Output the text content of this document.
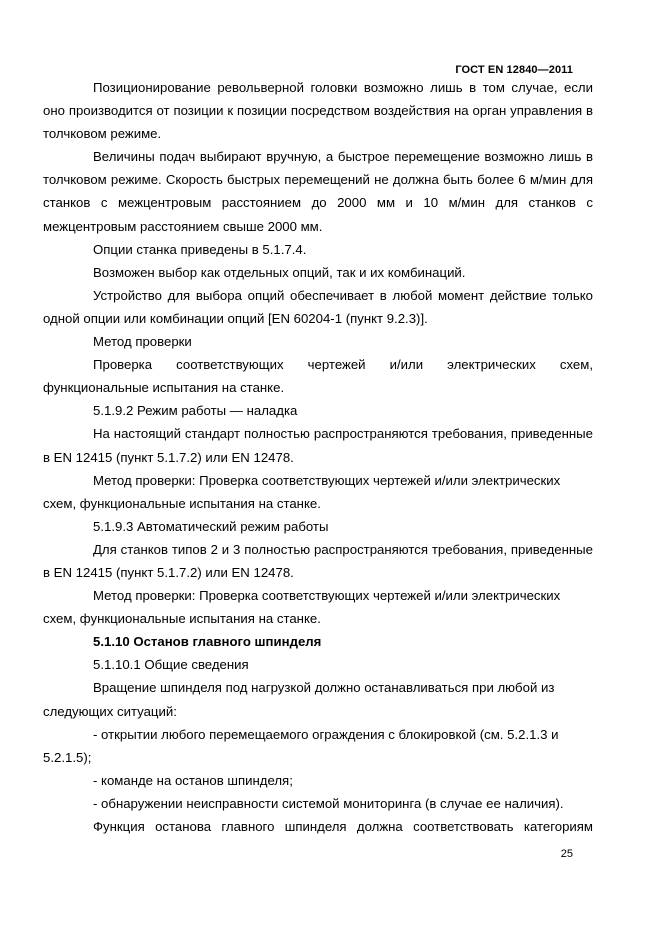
ГОСТ EN 12840—2011

Позиционирование револьверной головки возможно лишь в том случае, если оно производится от позиции к позиции посредством воздействия на орган управления в толчковом режиме.

Величины подач выбирают вручную, а быстрое перемещение возможно лишь в толчковом режиме. Скорость быстрых перемещений не должна быть более 6 м/мин для станков с межцентровым расстоянием до 2000 мм и 10 м/мин для станков с межцентровым расстоянием свыше 2000 мм.

Опции станка приведены в 5.1.7.4.

Возможен выбор как отдельных опций, так и их комбинаций.

Устройство для выбора опций обеспечивает в любой момент действие только одной опции или комбинации опций [EN 60204-1 (пункт 9.2.3)].

Метод проверки

Проверка соответствующих чертежей и/или электрических схем, функциональные испытания на станке.

5.1.9.2 Режим работы — наладка

На настоящий стандарт полностью распространяются требования, приведенные в EN 12415 (пункт 5.1.7.2) или EN 12478.

Метод проверки: Проверка соответствующих чертежей и/или электрических

схем, функциональные испытания на станке.

5.1.9.3 Автоматический режим работы

Для станков типов 2 и 3 полностью распространяются требования, приведенные в EN 12415 (пункт 5.1.7.2) или EN 12478.

Метод проверки: Проверка соответствующих чертежей и/или электрических

схем, функциональные испытания на станке.

5.1.10 Останов главного шпинделя

5.1.10.1 Общие сведения

Вращение шпинделя под нагрузкой должно останавливаться при любой из

следующих ситуаций:

- открытии любого перемещаемого ограждения с блокировкой (см. 5.2.1.3 и

5.2.1.5);

- команде на останов шпинделя;

- обнаружении неисправности системой мониторинга (в случае ее наличия).

Функция останова главного шпинделя должна соответствовать категориям

25
